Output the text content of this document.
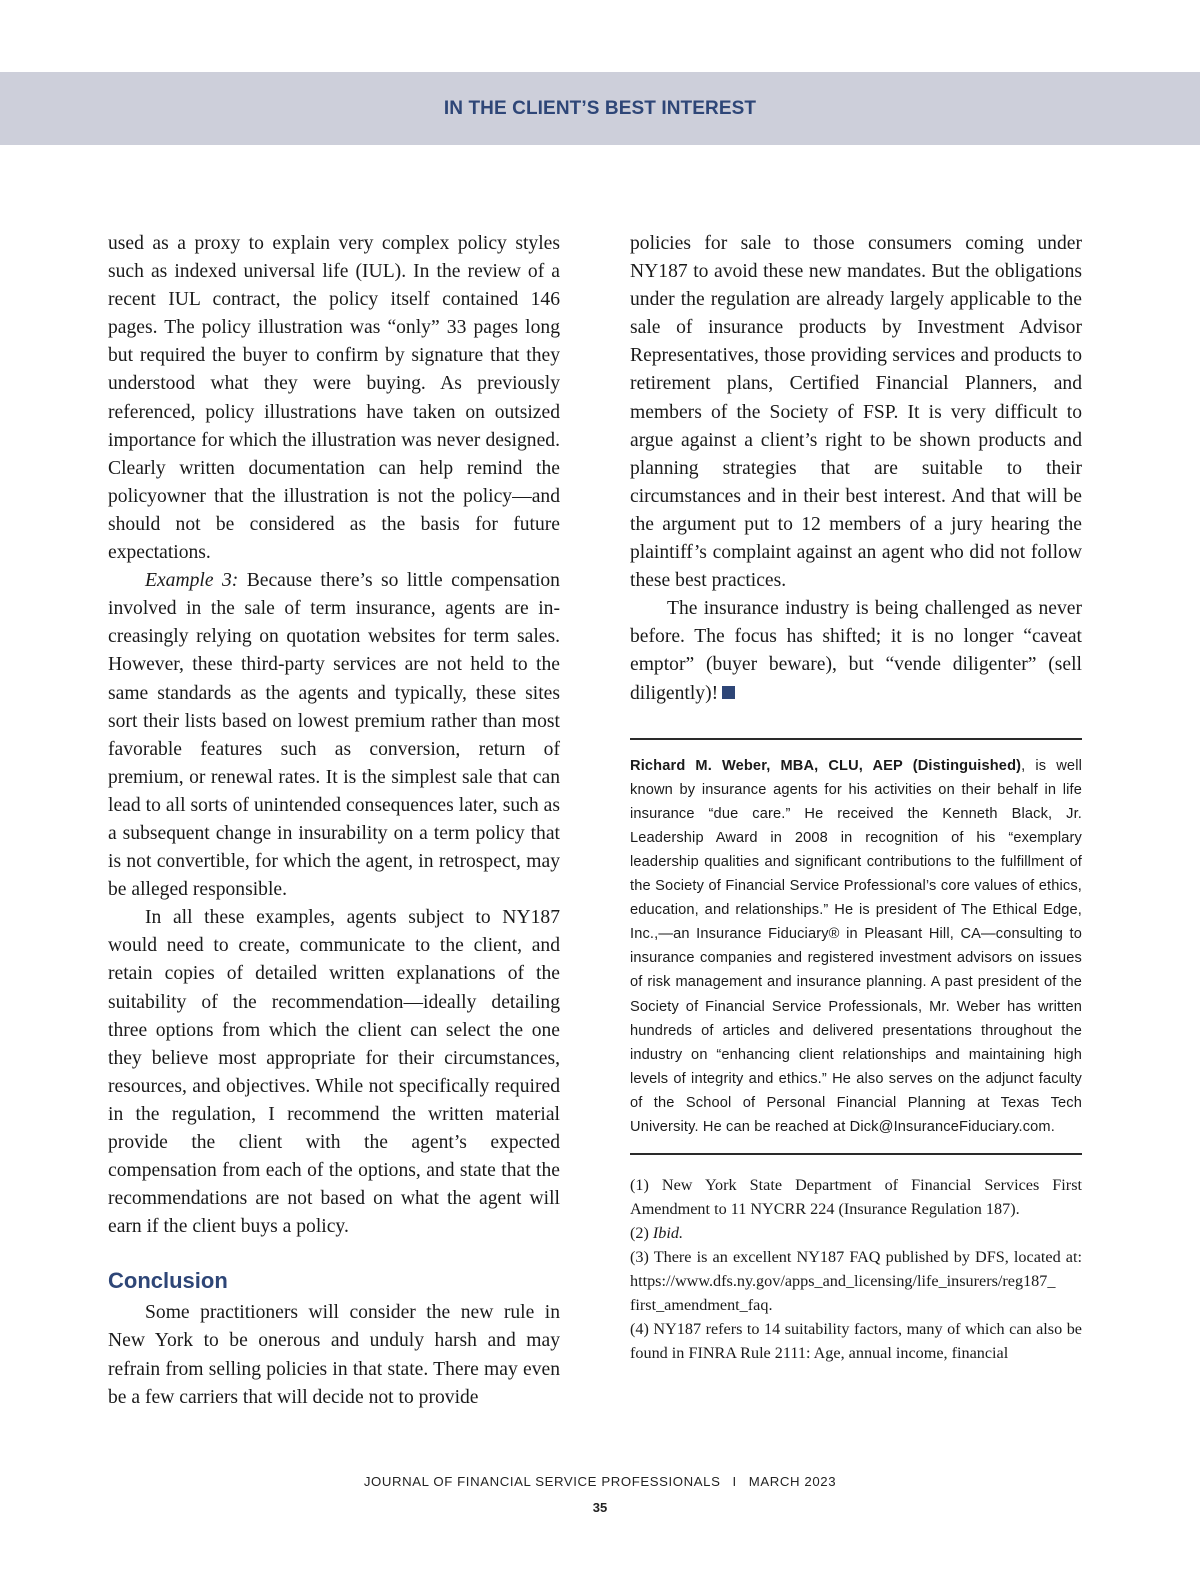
IN THE CLIENT’S BEST INTEREST

used as a proxy to explain very complex policy styles such as indexed universal life (IUL). In the review of a recent IUL contract, the policy itself contained 146 pages. The policy illustration was “only” 33 pages long but required the buyer to confirm by signature that they understood what they were buying. As previously referenced, policy illustrations have taken on outsized importance for which the illustration was never designed. Clearly written documentation can help remind the policyowner that the illustration is not the policy—and should not be considered as the basis for future expectations.

Example 3: Because there’s so little compensation involved in the sale of term insurance, agents are increasingly relying on quotation websites for term sales. However, these third-party services are not held to the same standards as the agents and typically, these sites sort their lists based on lowest premium rather than most favorable features such as conversion, return of premium, or renewal rates. It is the simplest sale that can lead to all sorts of unintended consequences later, such as a subsequent change in insurability on a term policy that is not convertible, for which the agent, in retrospect, may be alleged responsible.

In all these examples, agents subject to NY187 would need to create, communicate to the client, and retain copies of detailed written explanations of the suitability of the recommendation—ideally detailing three options from which the client can select the one they believe most appropriate for their circumstances, resources, and objectives. While not specifically required in the regulation, I recommend the written material provide the client with the agent’s expected compensation from each of the options, and state that the recommendations are not based on what the agent will earn if the client buys a policy.

Conclusion

Some practitioners will consider the new rule in New York to be onerous and unduly harsh and may refrain from selling policies in that state. There may even be a few carriers that will decide not to provide

policies for sale to those consumers coming under NY187 to avoid these new mandates. But the obligations under the regulation are already largely applicable to the sale of insurance products by Investment Advisor Representatives, those providing services and products to retirement plans, Certified Financial Planners, and members of the Society of FSP. It is very difficult to argue against a client’s right to be shown products and planning strategies that are suitable to their circumstances and in their best interest. And that will be the argument put to 12 members of a jury hearing the plaintiff’s complaint against an agent who did not follow these best practices.

The insurance industry is being challenged as never before. The focus has shifted; it is no longer “caveat emptor” (buyer beware), but “vende diligenter” (sell diligently)!

Richard M. Weber, MBA, CLU, AEP (Distinguished), is well known by insurance agents for his activities on their behalf in life insurance “due care.” He received the Kenneth Black, Jr. Leadership Award in 2008 in recognition of his “exemplary leadership qualities and significant contributions to the fulfillment of the Society of Financial Service Professional’s core values of ethics, education, and relationships.” He is president of The Ethical Edge, Inc.,—an Insurance Fiduciary® in Pleasant Hill, CA—consulting to insurance companies and registered investment advisors on issues of risk management and insurance planning. A past president of the Society of Financial Service Professionals, Mr. Weber has written hundreds of articles and delivered presentations throughout the industry on “enhancing client relationships and maintaining high levels of integrity and ethics.” He also serves on the adjunct faculty of the School of Personal Financial Planning at Texas Tech University. He can be reached at Dick@InsuranceFiduciary.com.

(1) New York State Department of Financial Services First Amendment to 11 NYCRR 224 (Insurance Regulation 187).

(2) Ibid.

(3) There is an excellent NY187 FAQ published by DFS, located at: https://www.dfs.ny.gov/apps_and_licensing/life_insurers/reg187_ first_amendment_faq.

(4) NY187 refers to 14 suitability factors, many of which can also be found in FINRA Rule 2111: Age, annual income, financial

JOURNAL OF FINANCIAL SERVICE PROFESSIONALS I MARCH 2023
35
